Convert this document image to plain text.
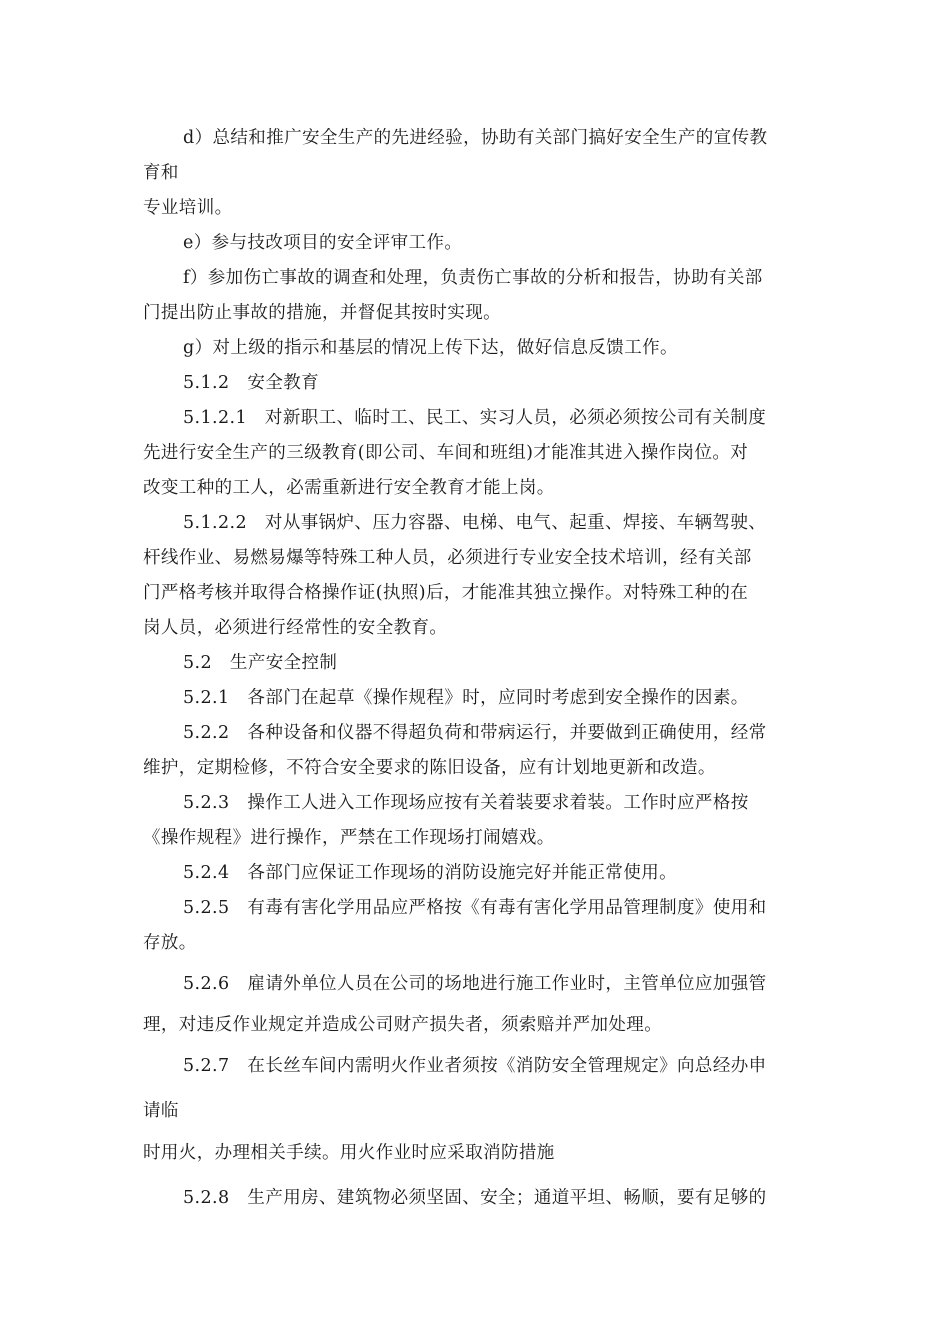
d）总结和推广安全生产的先进经验，协助有关部门搞好安全生产的宣传教
育和
专业培训。
e）参与技改项目的安全评审工作。
f）参加伤亡事故的调查和处理，负责伤亡事故的分析和报告，协助有关部
门提出防止事故的措施，并督促其按时实现。
g）对上级的指示和基层的情况上传下达，做好信息反馈工作。
5.1.2　安全教育
5.1.2.1　对新职工、临时工、民工、实习人员，必须必须按公司有关制度
先进行安全生产的三级教育(即公司、车间和班组)才能准其进入操作岗位。对
改变工种的工人，必需重新进行安全教育才能上岗。
5.1.2.2　对从事锅炉、压力容器、电梯、电气、起重、焊接、车辆驾驶、
杆线作业、易燃易爆等特殊工种人员，必须进行专业安全技术培训，经有关部
门严格考核并取得合格操作证(执照)后，才能准其独立操作。对特殊工种的在
岗人员，必须进行经常性的安全教育。
5.2　生产安全控制
5.2.1　各部门在起草《操作规程》时，应同时考虑到安全操作的因素。
5.2.2　各种设备和仪器不得超负荷和带病运行，并要做到正确使用，经常
维护，定期检修，不符合安全要求的陈旧设备，应有计划地更新和改造。
5.2.3　操作工人进入工作现场应按有关着装要求着装。工作时应严格按
《操作规程》进行操作，严禁在工作现场打闹嬉戏。
5.2.4　各部门应保证工作现场的消防设施完好并能正常使用。
5.2.5　有毒有害化学用品应严格按《有毒有害化学用品管理制度》使用和
存放。
5.2.6　雇请外单位人员在公司的场地进行施工作业时，主管单位应加强管
理，对违反作业规定并造成公司财产损失者，须索赔并严加处理。
5.2.7　在长丝车间内需明火作业者须按《消防安全管理规定》向总经办申
请临
时用火，办理相关手续。用火作业时应采取消防措施
5.2.8　生产用房、建筑物必须坚固、安全；通道平坦、畅顺，要有足够的
